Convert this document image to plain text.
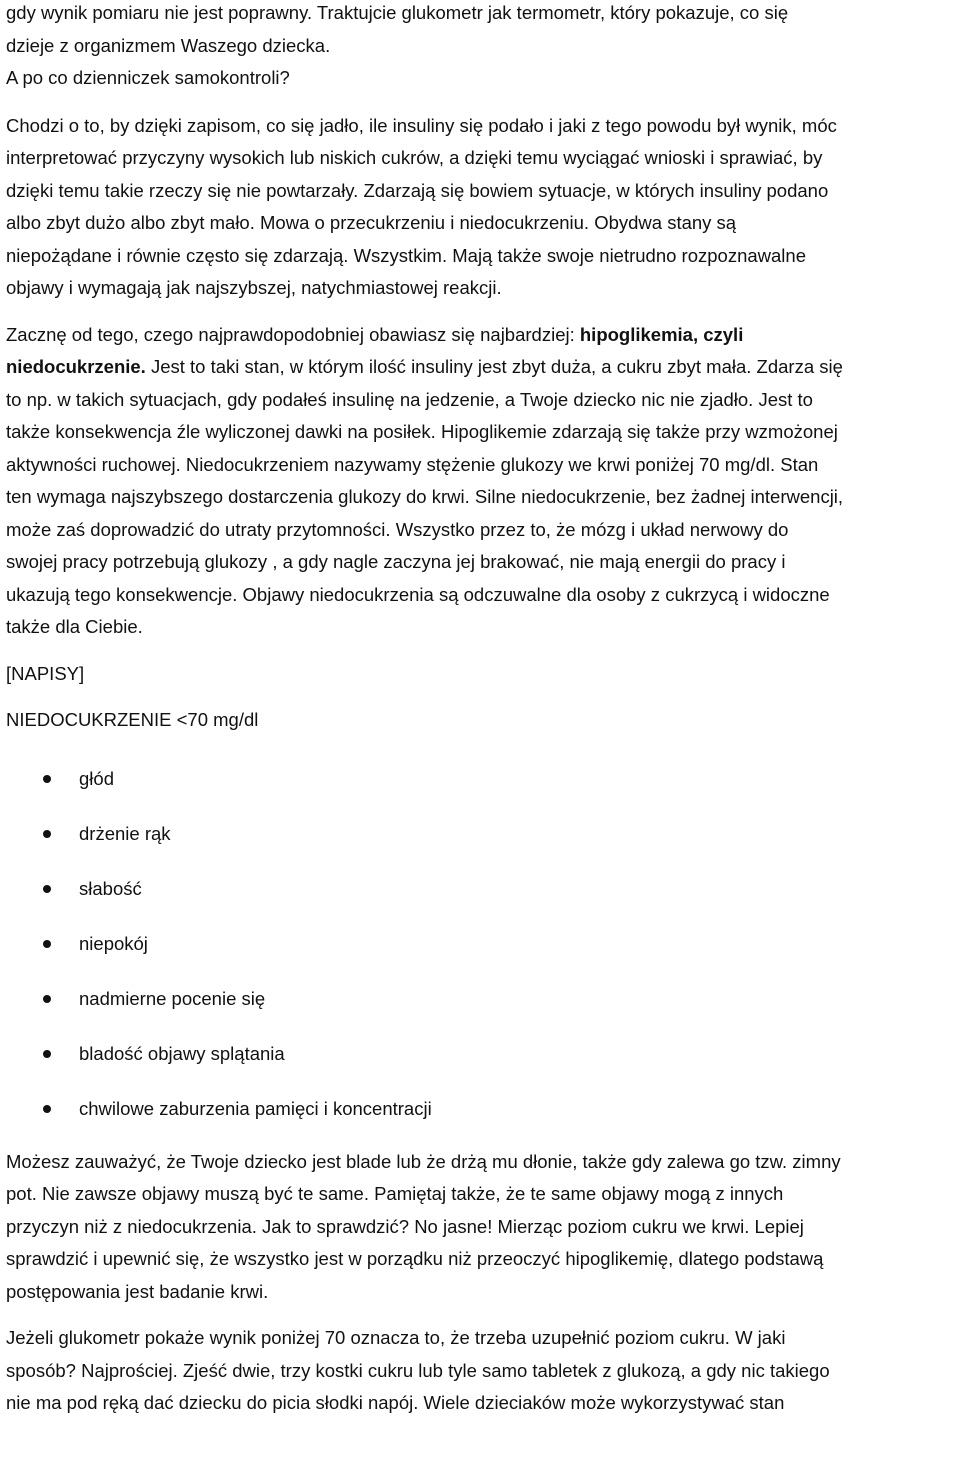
gdy wynik pomiaru nie jest poprawny. Traktujcie glukometr jak termometr, który pokazuje, co się

dzieje z organizmem Waszego dziecka.

A po co dzienniczek samokontroli?

Chodzi o to, by dzięki zapisom, co się jadło, ile insuliny się podało i jaki z tego powodu był wynik, móc

interpretować przyczyny wysokich lub niskich cukrów, a dzięki temu wyciągać wnioski i sprawiać, by

dzięki temu takie rzeczy się nie powtarzały. Zdarzają się bowiem sytuacje, w których insuliny podano

albo zbyt dużo albo zbyt mało. Mowa o przecukrzeniu i niedocukrzeniu. Obydwa stany są

niepożądane i równie często się zdarzają. Wszystkim. Mają także swoje nietrudno rozpoznawalne

objawy i wymagają jak najszybszej, natychmiastowej reakcji.

Zacznę od tego, czego najprawdopodobniej obawiasz się najbardziej: hipoglikemia, czyli

niedocukrzenie. Jest to taki stan, w którym ilość insuliny jest zbyt duża, a cukru zbyt mała. Zdarza się

to np. w takich sytuacjach, gdy podałeś insulinę na jedzenie, a Twoje dziecko nic nie zjadło. Jest to

także konsekwencja źle wyliczonej dawki na posiłek. Hipoglikemie zdarzają się także przy wzmożonej

aktywności ruchowej. Niedocukrzeniem nazywamy stężenie glukozy we krwi poniżej 70 mg/dl. Stan

ten wymaga najszybszego dostarczenia glukozy do krwi. Silne niedocukrzenie, bez żadnej interwencji,

może zaś doprowadzić do utraty przytomności. Wszystko przez to, że mózg i układ nerwowy do

swojej pracy potrzebują glukozy , a gdy nagle zaczyna jej brakować, nie mają energii do pracy i

ukazują tego konsekwencje. Objawy niedocukrzenia są odczuwalne dla osoby z cukrzycą i widoczne

także dla Ciebie.

[NAPISY]

NIEDOCUKRZENIE <70 mg/dl

głód
drżenie rąk
słabość
niepokój
nadmierne pocenie się
bladość objawy splątania
chwilowe zaburzenia pamięci i koncentracji

Możesz zauważyć, że Twoje dziecko jest blade lub że drżą mu dłonie, także gdy zalewa go tzw. zimny

pot. Nie zawsze objawy muszą być te same. Pamiętaj także, że te same objawy mogą z innych

przyczyn niż z niedocukrzenia. Jak to sprawdzić? No jasne! Mierząc poziom cukru we krwi. Lepiej

sprawdzić i upewnić się, że wszystko jest w porządku niż przeoczyć hipoglikemię, dlatego podstawą

postępowania jest badanie krwi.

Jeżeli glukometr pokaże wynik poniżej 70 oznacza to, że trzeba uzupełnić poziom cukru. W jaki

sposób? Najprościej. Zjeść dwie, trzy kostki cukru lub tyle samo tabletek z glukozą, a gdy nic takiego

nie ma pod ręką dać dziecku do picia słodki napój. Wiele dzieciaków może wykorzystywać stan
